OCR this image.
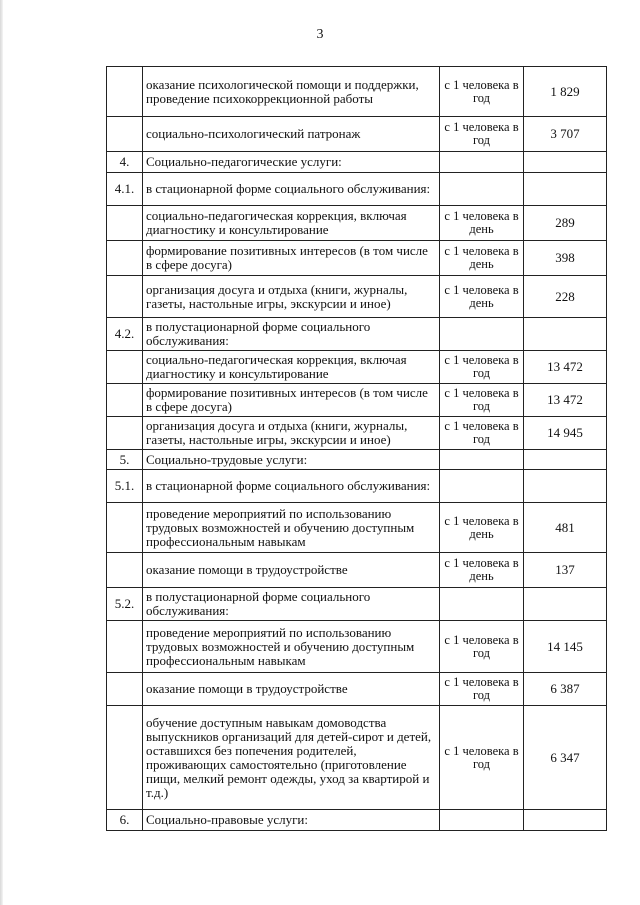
3
	оказание психологической помощи и поддержки, проведение психокоррекционной работы	с 1 человека в год	1 829
	социально-психологический патронаж	с 1 человека в год	3 707
4.	Социально-педагогические услуги:		
4.1.	в стационарной форме социального обслуживания:		
	социально-педагогическая коррекция, включая диагностику и консультирование	с 1 человека в день	289
	формирование позитивных интересов (в том числе в сфере досуга)	с 1 человека в день	398
	организация досуга и отдыха (книги, журналы, газеты, настольные игры, экскурсии и иное)	с 1 человека в день	228
4.2.	в полустационарной форме социального обслуживания:		
	социально-педагогическая коррекция, включая диагностику и консультирование	с 1 человека в год	13 472
	формирование позитивных интересов (в том числе в сфере досуга)	с 1 человека в год	13 472
	организация досуга и отдыха (книги, журналы, газеты, настольные игры, экскурсии и иное)	с 1 человека в год	14 945
5.	Социально-трудовые услуги:		
5.1.	в стационарной форме социального обслуживания:		
	проведение мероприятий по использованию трудовых возможностей и обучению доступным профессиональным навыкам	с 1 человека в день	481
	оказание помощи в трудоустройстве	с 1 человека в день	137
5.2.	в полустационарной форме социального обслуживания:		
	проведение мероприятий по использованию трудовых возможностей и обучению доступным профессиональным навыкам	с 1 человека в год	14 145
	оказание помощи в трудоустройстве	с 1 человека в год	6 387
	обучение доступным навыкам домоводства выпускников организаций для детей-сирот и детей, оставшихся без попечения родителей, проживающих самостоятельно (приготовление пищи, мелкий ремонт одежды, уход за квартирой и т.д.)	с 1 человека в год	6 347
6.	Социально-правовые услуги:		
